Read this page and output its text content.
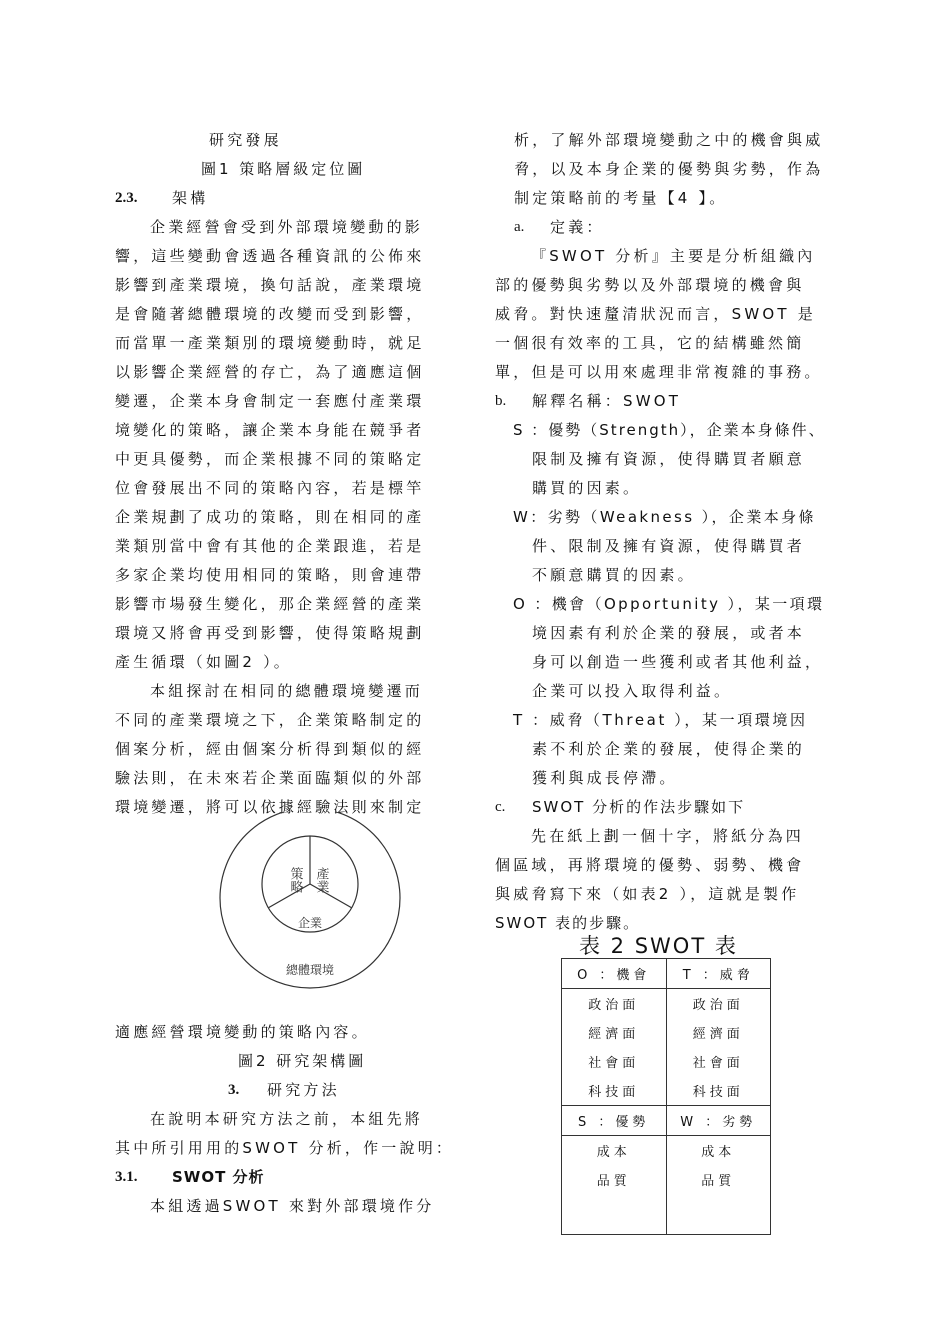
研究發展
圖1 策略層級定位圖
2.3. 架構
企業經營會受到外部環境變動的影
響，這些變動會透過各種資訊的公佈來
影響到產業環境，換句話說，產業環境
是會隨著總體環境的改變而受到影響，
而當單一產業類別的環境變動時，就足
以影響企業經營的存亡，為了適應這個
變遷，企業本身會制定一套應付產業環
境變化的策略，讓企業本身能在競爭者
中更具優勢，而企業根據不同的策略定
位會發展出不同的策略內容，若是標竿
企業規劃了成功的策略，則在相同的產
業類別當中會有其他的企業跟進，若是
多家企業均使用相同的策略，則會連帶
影響市場發生變化，那企業經營的產業
環境又將會再受到影響，使得策略規劃
產生循環（如圖2 ）。
本組探討在相同的總體環境變遷而
不同的產業環境之下，企業策略制定的
個案分析，經由個案分析得到類似的經
驗法則，在未來若企業面臨類似的外部
環境變遷，將可以依據經驗法則來制定
策略 產業
企業
總體環境
適應經營環境變動的策略內容。
圖2 研究架構圖
3. 研究方法
在說明本研究方法之前，本組先將
其中所引用用的SWOT 分析，作一說明：
3.1. SWOT 分析
本組透過SWOT 來對外部環境作分
析，了解外部環境變動之中的機會與威
脅，以及本身企業的優勢與劣勢，作為
制定策略前的考量【4 】。
a. 定義：
『SWOT 分析』主要是分析組織內
部的優勢與劣勢以及外部環境的機會與
威脅。對快速釐清狀況而言，SWOT 是
一個很有效率的工具，它的結構雖然簡
單，但是可以用來處理非常複雜的事務。
b. 解釋名稱：SWOT
S ：優勢（Strength），企業本身條件、
限制及擁有資源，使得購買者願意
購買的因素。
W：劣勢（Weakness ），企業本身條
件、限制及擁有資源，使得購買者
不願意購買的因素。
O ：機會（Opportunity ），某一項環
境因素有利於企業的發展，或者本
身可以創造一些獲利或者其他利益，
企業可以投入取得利益。
T ：威脅（Threat ），某一項環境因
素不利於企業的發展，使得企業的
獲利與成長停滯。
c. SWOT 分析的作法步驟如下
先在紙上劃一個十字，將紙分為四
個區域，再將環境的優勢、弱勢、機會
與威脅寫下來（如表2 ），這就是製作
SWOT 表的步驟。
表 2 SWOT 表
O ：機會	T ：威脅
政治面	政治面
經濟面	經濟面
社會面	社會面
科技面	科技面
S ：優勢	W ：劣勢
成本	成本
品質	品質
